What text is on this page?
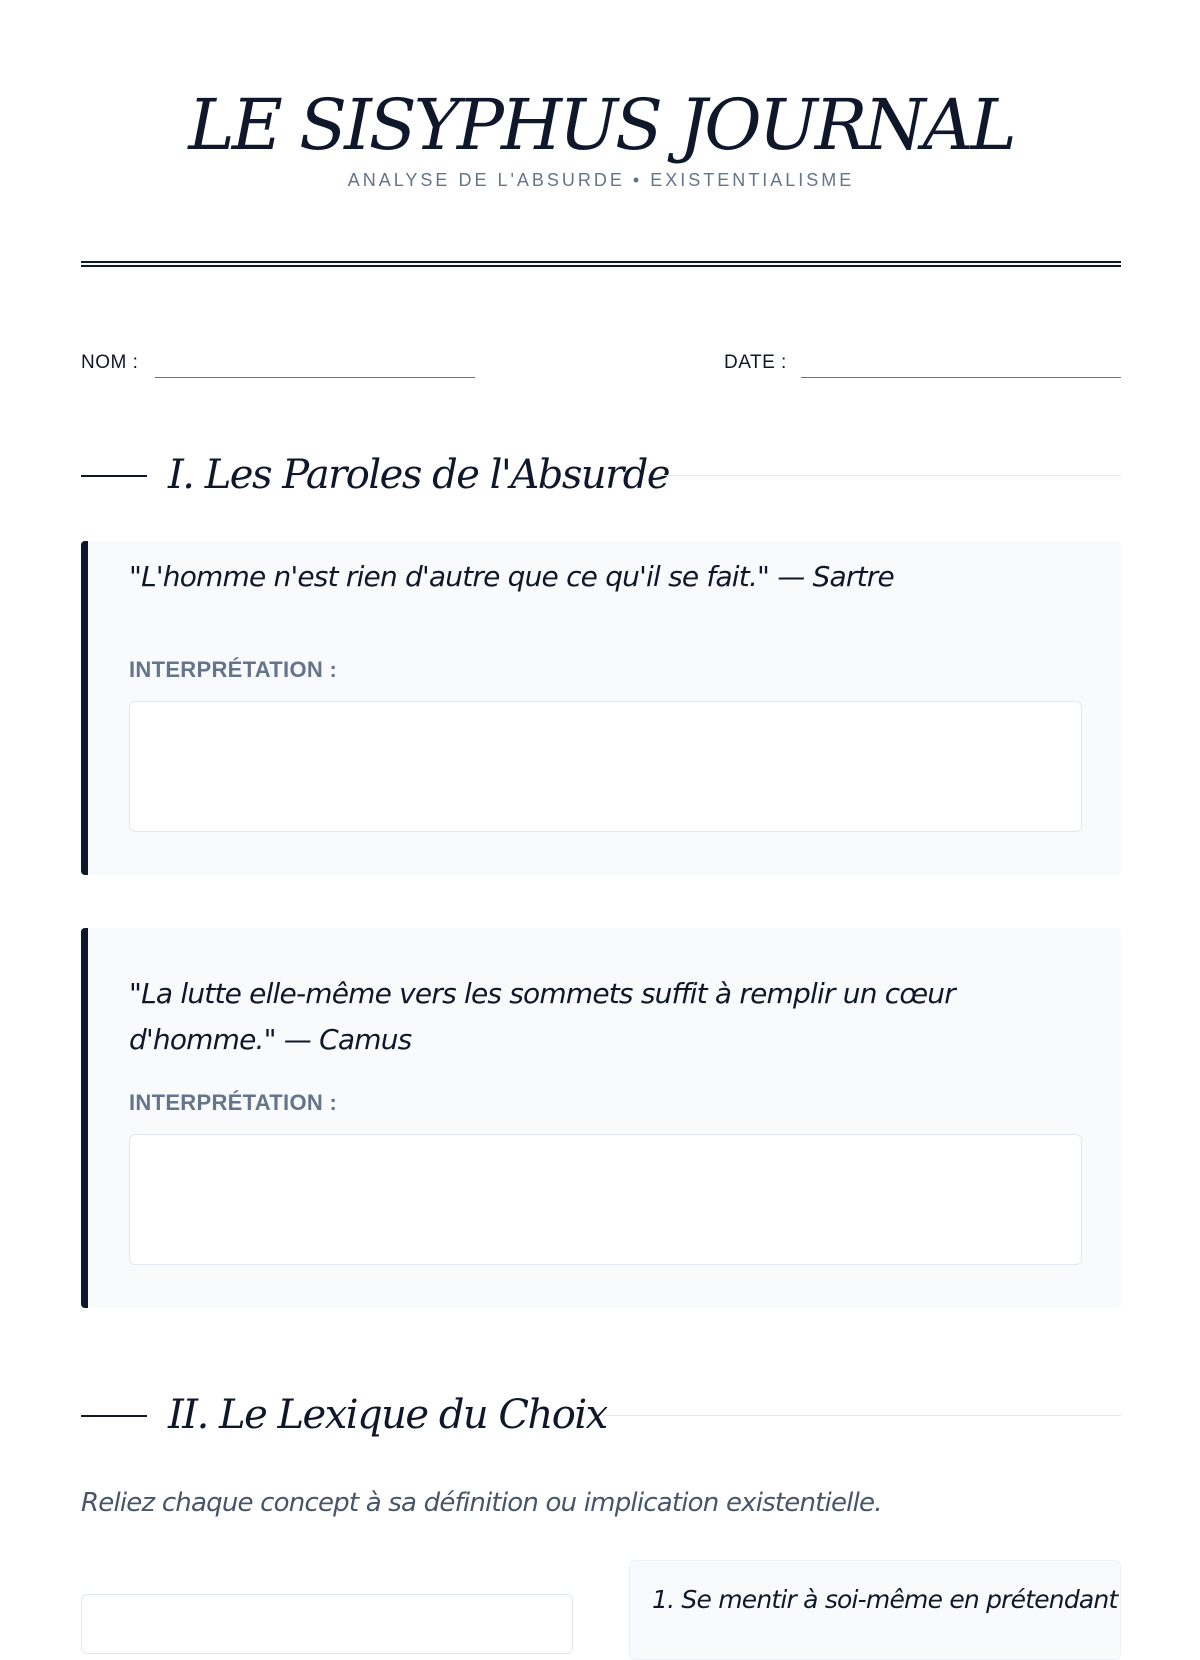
LE SISYPHUS JOURNAL
ANALYSE DE L'ABSURDE • EXISTENTIALISME
NOM :	DATE :
I. Les Paroles de l'Absurde
"L'homme n'est rien d'autre que ce qu'il se fait." — Sartre
INTERPRÉTATION :
"La lutte elle-même vers les sommets suffit à remplir un cœur d'homme." — Camus
INTERPRÉTATION :
II. Le Lexique du Choix
Reliez chaque concept à sa définition ou implication existentielle.
1. Se mentir à soi-même en prétendant
